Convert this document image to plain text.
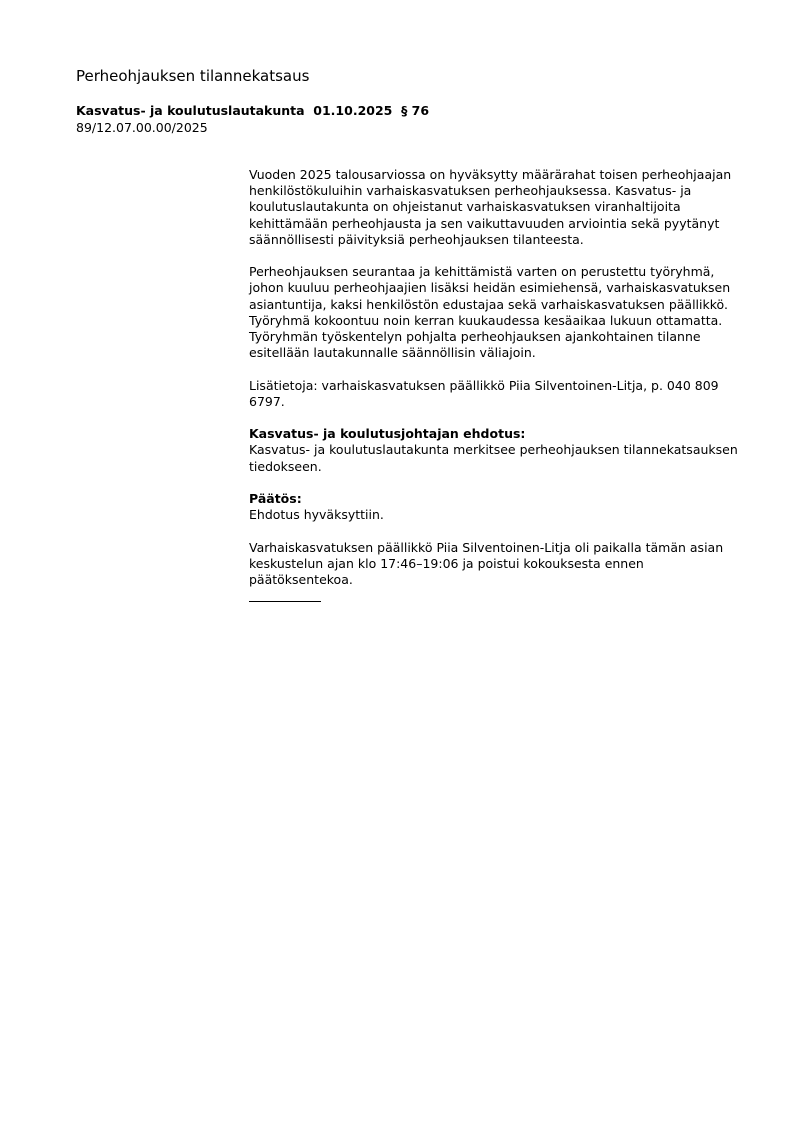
Perheohjauksen tilannekatsaus
Kasvatus- ja koulutuslautakunta  01.10.2025  § 76
89/12.07.00.00/2025

Vuoden 2025 talousarviossa on hyväksytty määrärahat toisen perheohjaajan henkilöstökuluihin varhaiskasvatuksen perheohjauksessa. Kasvatus- ja koulutuslautakunta on ohjeistanut varhaiskasvatuksen viranhaltijoita kehittämään perheohjausta ja sen vaikuttavuuden arviointia sekä pyytänyt säännöllisesti päivityksiä perheohjauksen tilanteesta.

Perheohjauksen seurantaa ja kehittämistä varten on perustettu työryhmä, johon kuuluu perheohjaajien lisäksi heidän esimiehensä, varhaiskasvatuksen asiantuntija, kaksi henkilöstön edustajaa sekä varhaiskasvatuksen päällikkö. Työryhmä kokoontuu noin kerran kuukaudessa kesäaikaa lukuun ottamatta. Työryhmän työskentelyn pohjalta perheohjauksen ajankohtainen tilanne esitellään lautakunnalle säännöllisin väliajoin.

Lisätietoja: varhaiskasvatuksen päällikkö Piia Silventoinen-Litja, p. 040 809 6797.

Kasvatus- ja koulutusjohtajan ehdotus:

Kasvatus- ja koulutuslautakunta merkitsee perheohjauksen tilannekatsauksen tiedokseen.

Päätös:

Ehdotus hyväksyttiin.

Varhaiskasvatuksen päällikkö Piia Silventoinen-Litja oli paikalla tämän asian keskustelun ajan klo 17:46–19:06 ja poistui kokouksesta ennen päätöksentekoa.
